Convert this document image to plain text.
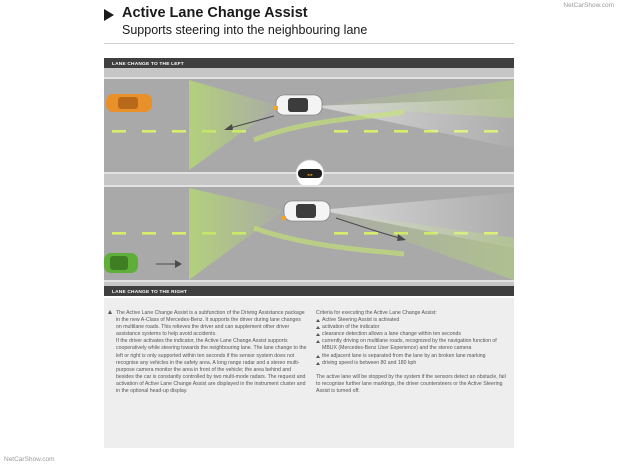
NetCarShow.com
Active Lane Change Assist
Supports steering into the neighbouring lane
LANE CHANGE TO THE LEFT
◂ ▸
LANE CHANGE TO THE RIGHT

The Active Lane Change Assist is a subfunction of the Driving Assistance package in the new A-Class of Mercedes-Benz. It supports the driver during lane changes on multilane roads. This relieves the driver and can supplement other driver assistance systems to help avoid accidents.

If the driver activates the indicator, the Active Lane Change Assist supports cooperatively while steering towards the neighbouring lane. The lane change to the left or right is only supported within ten seconds if the sensor system does not recognise any vehicles in the safety area. A long range radar and a stereo multi-purpose camera monitor the area in front of the vehicle; the area behind and besides the car is constantly controlled by two multi-mode radars. The request and activation of Active Lane Change Assist are displayed in the instrument cluster and in the optional head-up display.

Criteria for executing the Active Lane Change Assist:

Active Steering Assist is activated
activation of the indicator
clearance detection allows a lane change within ten seconds
currently driving on multilane roads, recognized by the navigation function of MBUX (Mercedes-Benz User Experience) and the stereo camera
the adjacent lane is separated from the lane by an broken lane marking
driving speed is between 80 and 180 kph

The active lane will be stopped by the system if the sensors detect an obstacle, fail to recognise further lane markings, the driver countersteers or the Active Steering Assist is turned off.

NetCarShow.com
